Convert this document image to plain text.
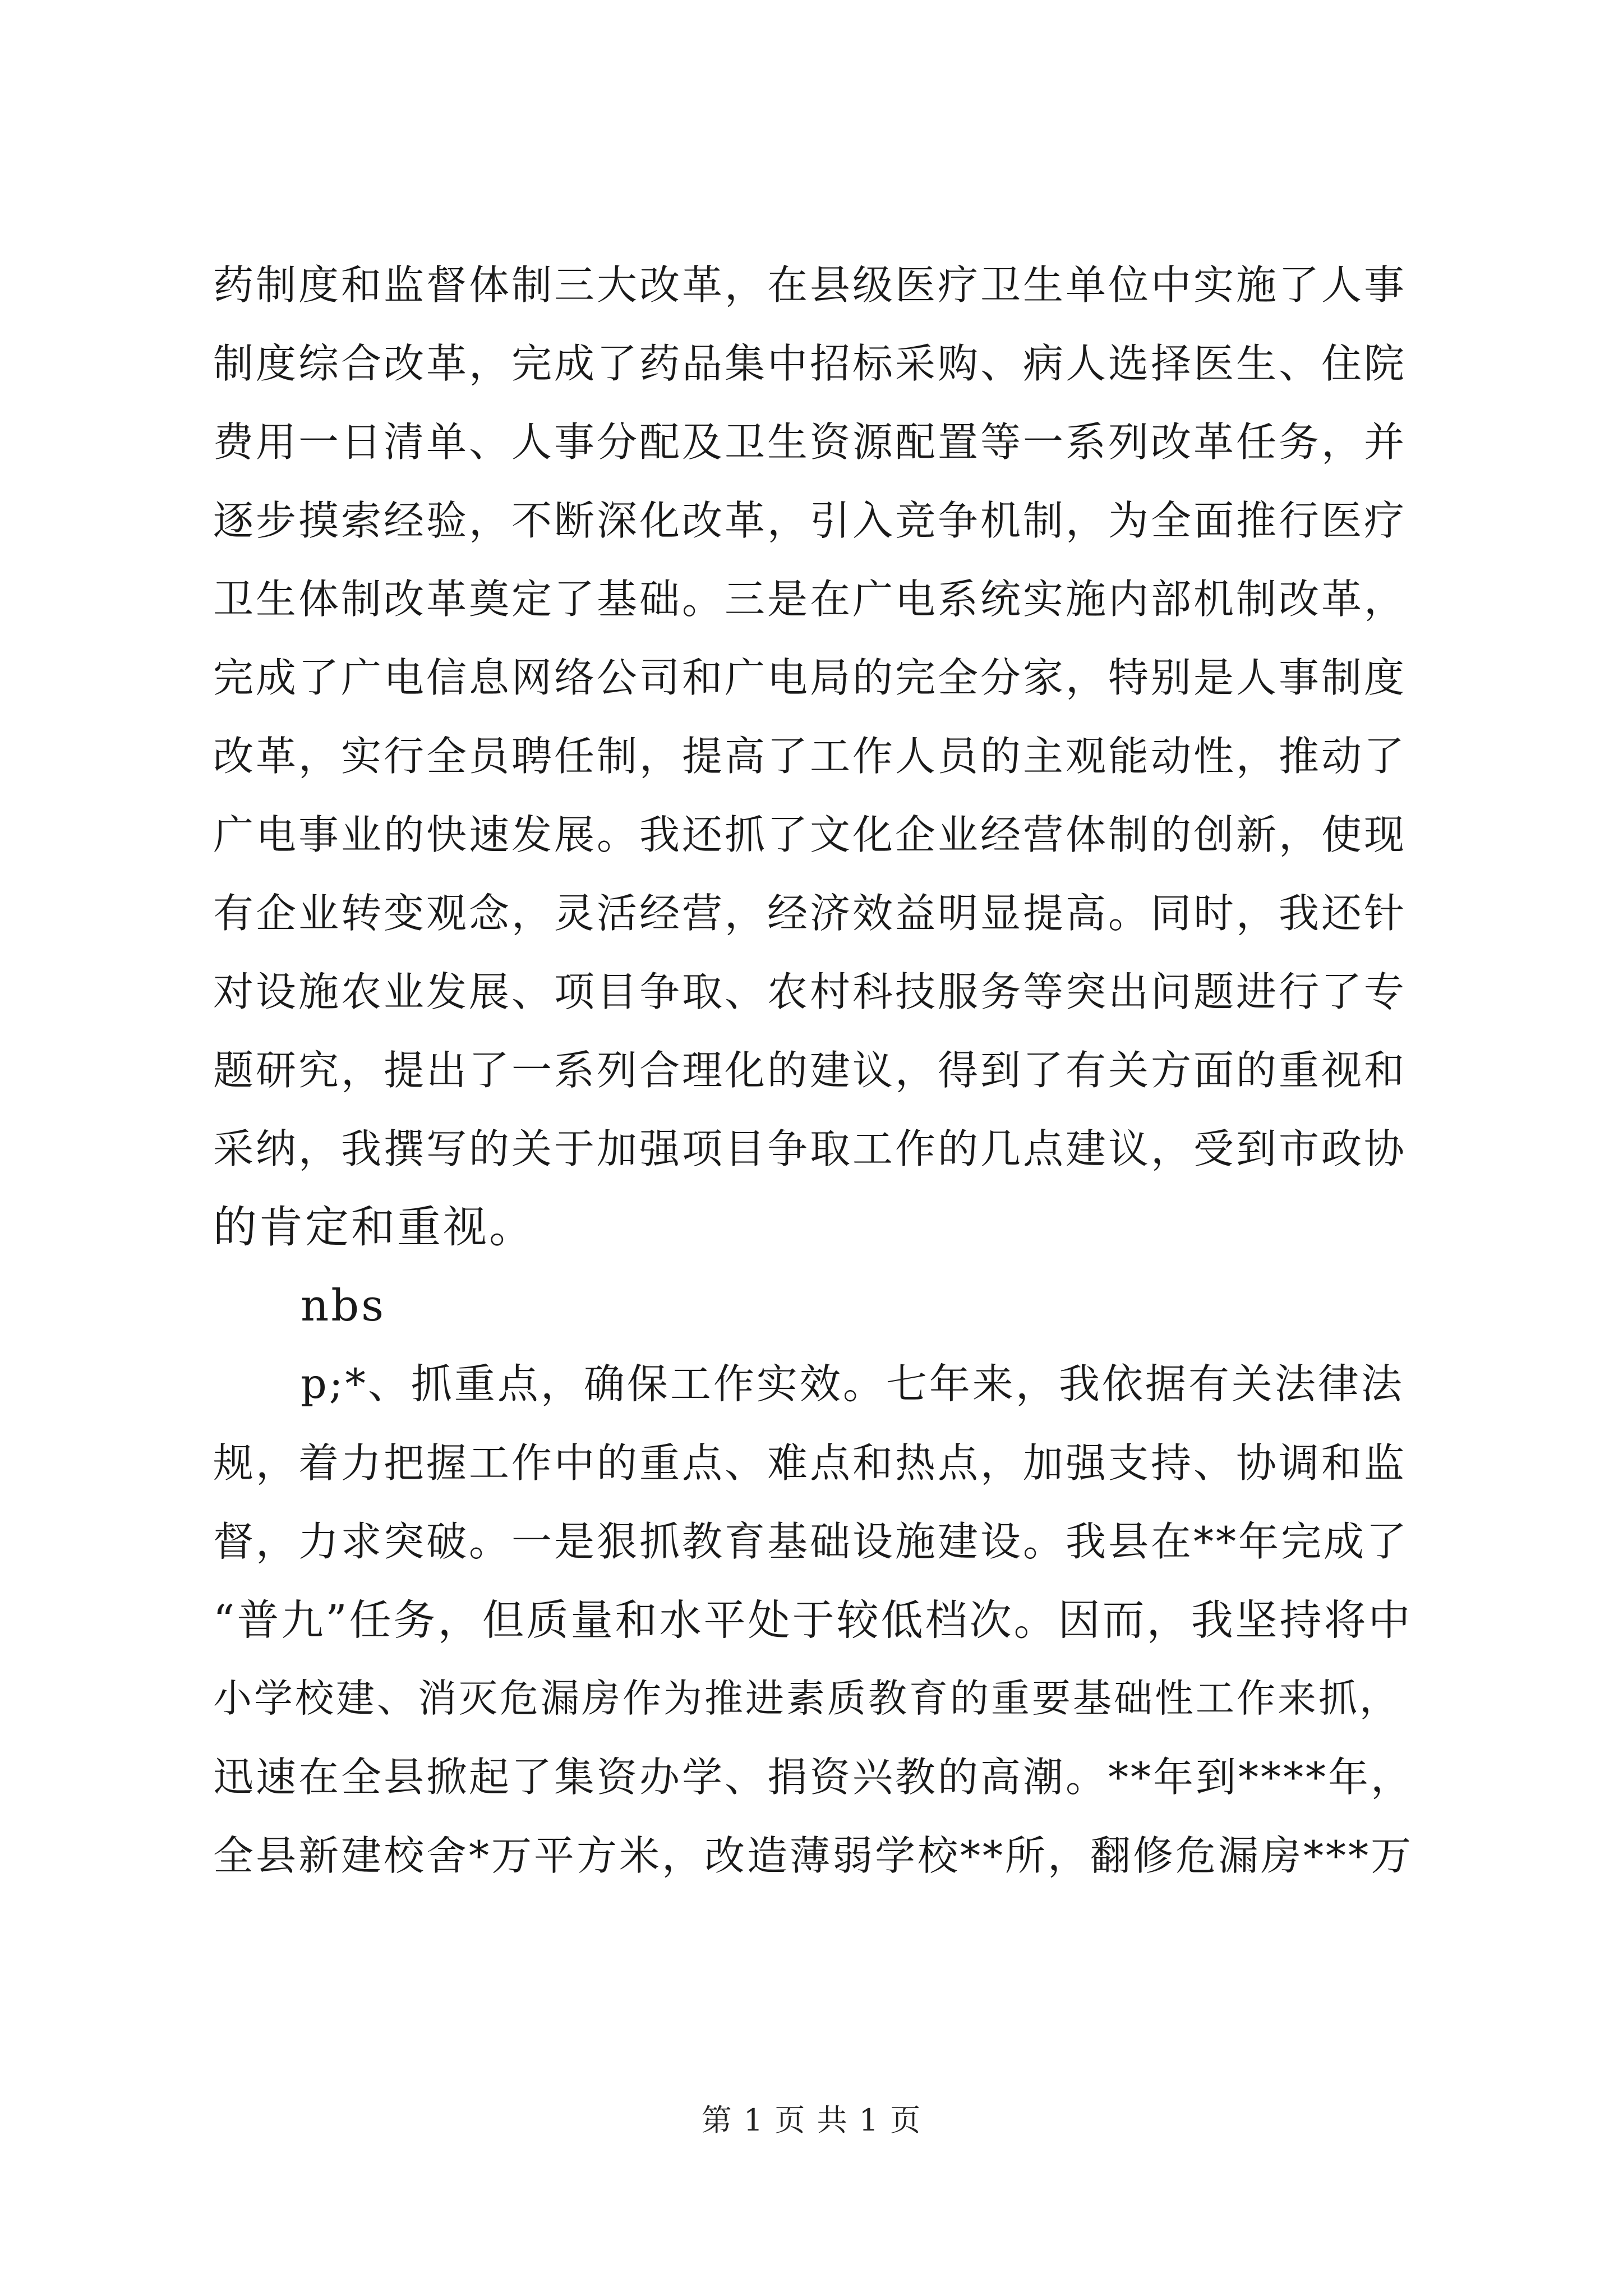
药制度和监督体制三大改革，在县级医疗卫生单位中实施了人事
制度综合改革，完成了药品集中招标采购、病人选择医生、住院
费用一日清单、人事分配及卫生资源配置等一系列改革任务，并
逐步摸索经验，不断深化改革，引入竞争机制，为全面推行医疗
卫生体制改革奠定了基础。三是在广电系统实施内部机制改革，
完成了广电信息网络公司和广电局的完全分家，特别是人事制度
改革，实行全员聘任制，提高了工作人员的主观能动性，推动了
广电事业的快速发展。我还抓了文化企业经营体制的创新，使现
有企业转变观念，灵活经营，经济效益明显提高。同时，我还针
对设施农业发展、项目争取、农村科技服务等突出问题进行了专
题研究，提出了一系列合理化的建议，得到了有关方面的重视和
采纳，我撰写的关于加强项目争取工作的几点建议，受到市政协
的肯定和重视。
nbs
p;*、抓重点，确保工作实效。七年来，我依据有关法律法
规，着力把握工作中的重点、难点和热点，加强支持、协调和监
督，力求突破。一是狠抓教育基础设施建设。我县在**年完成了
“普九”任务，但质量和水平处于较低档次。因而，我坚持将中
小学校建、消灭危漏房作为推进素质教育的重要基础性工作来抓，
迅速在全县掀起了集资办学、捐资兴教的高潮。**年到****年，
全县新建校舍*万平方米，改造薄弱学校**所，翻修危漏房***万
第 1 页 共 1 页
